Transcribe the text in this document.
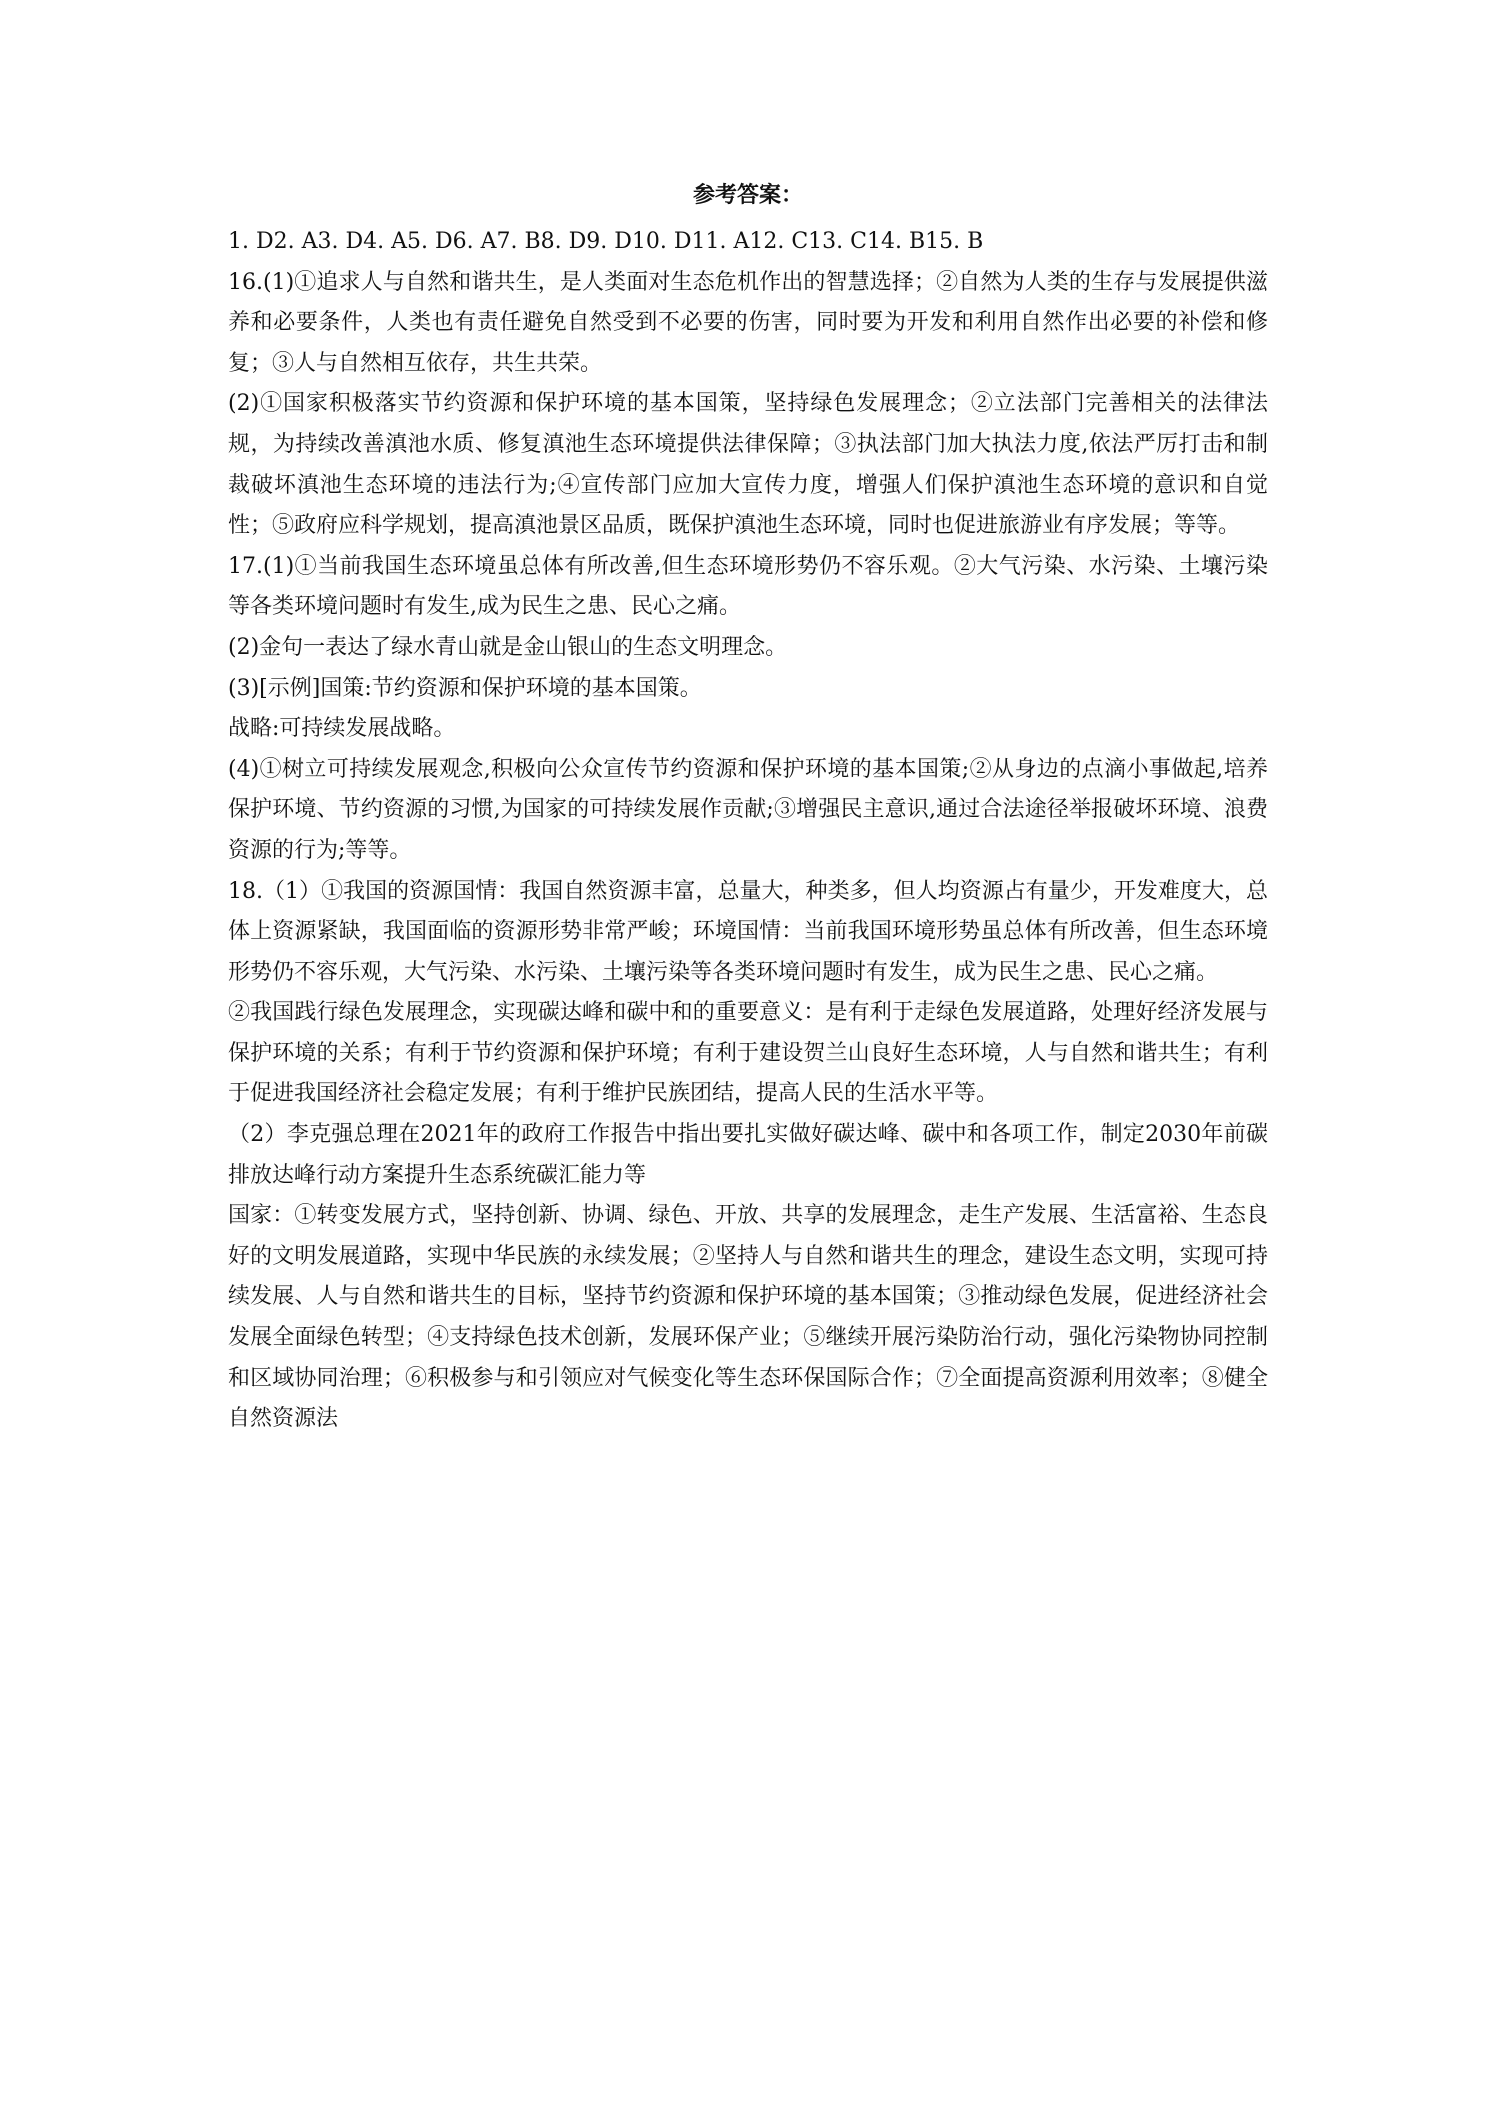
参考答案：

1. D2. A3. D4. A5. D6. A7. B8. D9. D10. D11. A12. C13. C14. B15. B

16.(1)①追求人与自然和谐共生，是人类面对生态危机作出的智慧选择；②自然为人类的生存与发展提供滋养和必要条件，人类也有责任避免自然受到不必要的伤害，同时要为开发和利用自然作出必要的补偿和修复；③人与自然相互依存，共生共荣。

(2)①国家积极落实节约资源和保护环境的基本国策，坚持绿色发展理念；②立法部门完善相关的法律法规，为持续改善滇池水质、修复滇池生态环境提供法律保障；③执法部门加大执法力度,依法严厉打击和制裁破坏滇池生态环境的违法行为;④宣传部门应加大宣传力度，增强人们保护滇池生态环境的意识和自觉性；⑤政府应科学规划，提高滇池景区品质，既保护滇池生态环境，同时也促进旅游业有序发展；等等。

17.(1)①当前我国生态环境虽总体有所改善,但生态环境形势仍不容乐观。②大气污染、水污染、土壤污染等各类环境问题时有发生,成为民生之患、民心之痛。

(2)金句一表达了绿水青山就是金山银山的生态文明理念。

(3)[示例]国策:节约资源和保护环境的基本国策。

战略:可持续发展战略。

(4)①树立可持续发展观念,积极向公众宣传节约资源和保护环境的基本国策;②从身边的点滴小事做起,培养保护环境、节约资源的习惯,为国家的可持续发展作贡献;③增强民主意识,通过合法途径举报破坏环境、浪费资源的行为;等等。

18.（1）①我国的资源国情：我国自然资源丰富，总量大，种类多，但人均资源占有量少，开发难度大，总体上资源紧缺，我国面临的资源形势非常严峻；环境国情：当前我国环境形势虽总体有所改善，但生态环境形势仍不容乐观，大气污染、水污染、土壤污染等各类环境问题时有发生，成为民生之患、民心之痛。

②我国践行绿色发展理念，实现碳达峰和碳中和的重要意义：是有利于走绿色发展道路，处理好经济发展与保护环境的关系；有利于节约资源和保护环境；有利于建设贺兰山良好生态环境，人与自然和谐共生；有利于促进我国经济社会稳定发展；有利于维护民族团结，提高人民的生活水平等。

（2）李克强总理在2021年的政府工作报告中指出要扎实做好碳达峰、碳中和各项工作，制定2030年前碳排放达峰行动方案提升生态系统碳汇能力等

国家：①转变发展方式，坚持创新、协调、绿色、开放、共享的发展理念，走生产发展、生活富裕、生态良好的文明发展道路，实现中华民族的永续发展；②坚持人与自然和谐共生的理念，建设生态文明，实现可持续发展、人与自然和谐共生的目标，坚持节约资源和保护环境的基本国策；③推动绿色发展，促进经济社会发展全面绿色转型；④支持绿色技术创新，发展环保产业；⑤继续开展污染防治行动，强化污染物协同控制和区域协同治理；⑥积极参与和引领应对气候变化等生态环保国际合作；⑦全面提高资源利用效率；⑧健全自然资源法
